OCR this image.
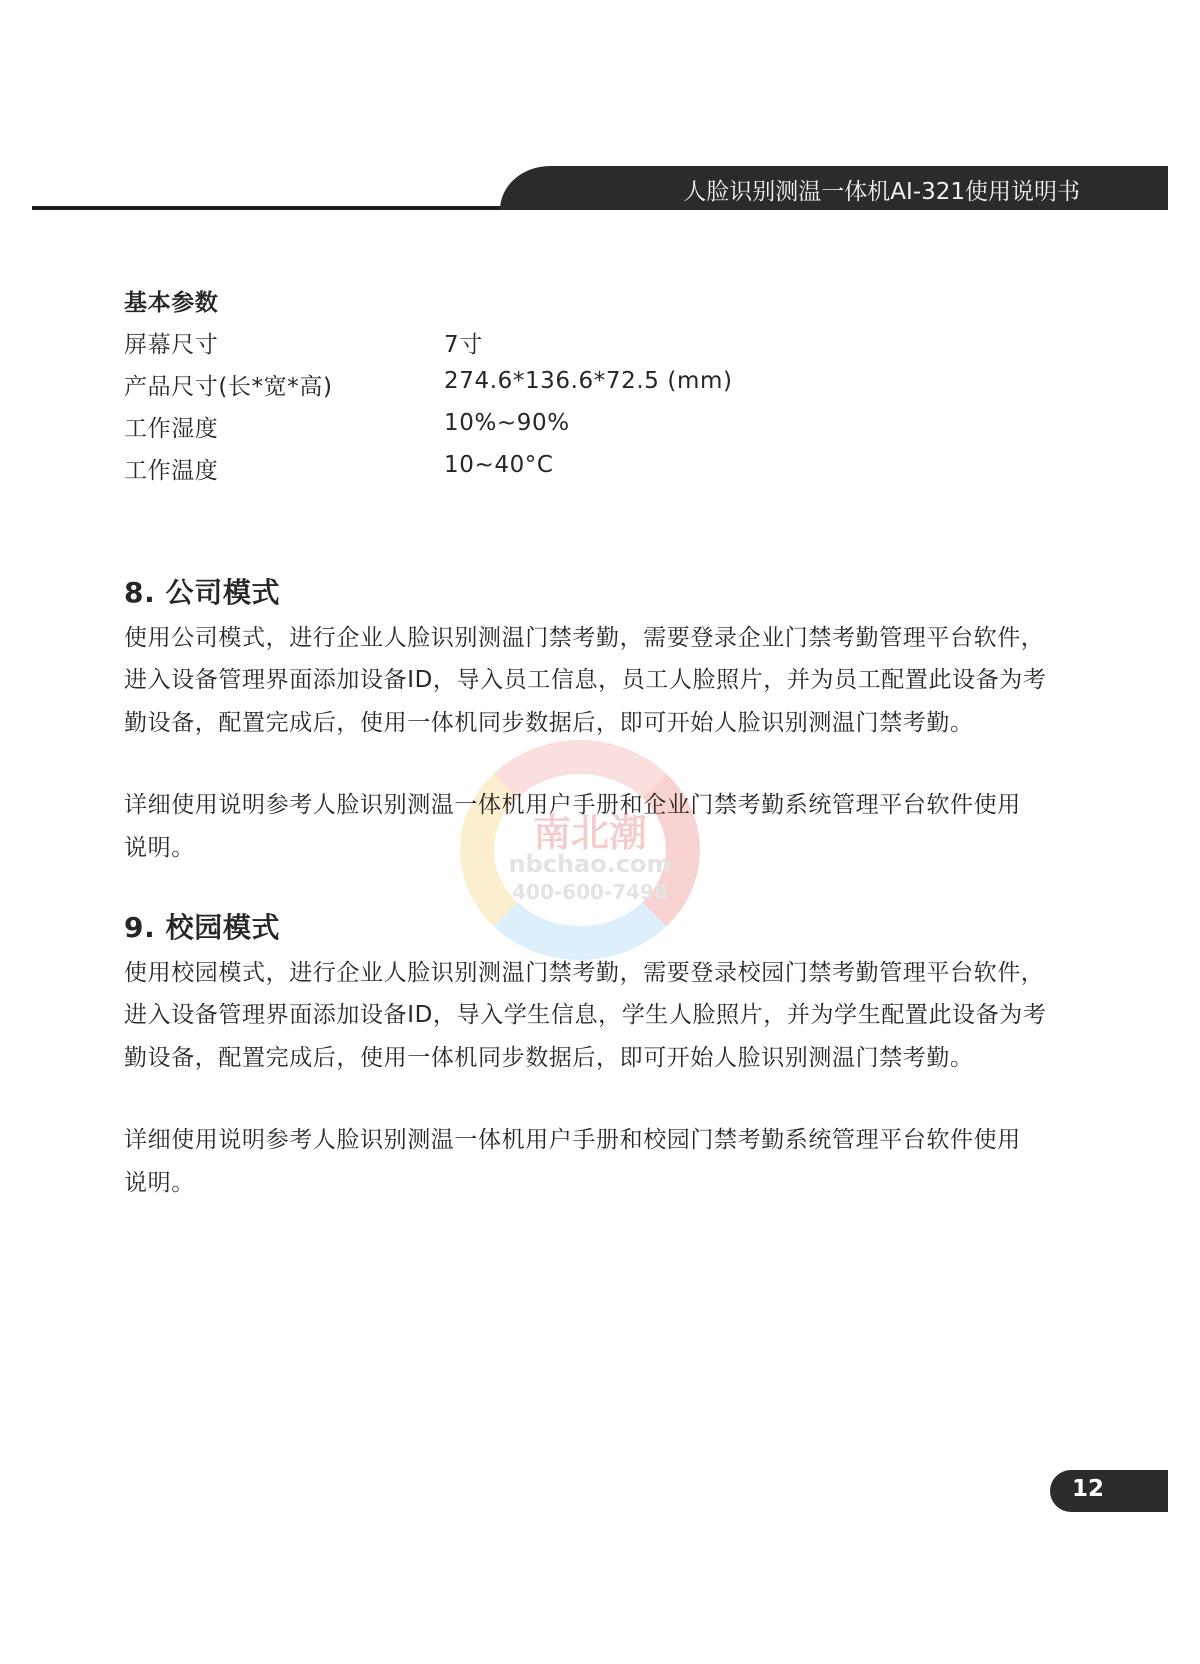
人脸识别测温一体机AI-321使用说明书
南北潮
nbchao.com
400-600-7498
基本参数
屏幕尺寸	7寸
产品尺寸(长*宽*高)	274.6*136.6*72.5 (mm)
工作湿度	10%~90%
工作温度	10~40°C
8. 公司模式
使用公司模式，进行企业人脸识别测温门禁考勤，需要登录企业门禁考勤管理平台软件，
进入设备管理界面添加设备ID，导入员工信息，员工人脸照片，并为员工配置此设备为考
勤设备，配置完成后，使用一体机同步数据后，即可开始人脸识别测温门禁考勤。
详细使用说明参考人脸识别测温一体机用户手册和企业门禁考勤系统管理平台软件使用
说明。
9. 校园模式
使用校园模式，进行企业人脸识别测温门禁考勤，需要登录校园门禁考勤管理平台软件，
进入设备管理界面添加设备ID，导入学生信息，学生人脸照片，并为学生配置此设备为考
勤设备，配置完成后，使用一体机同步数据后，即可开始人脸识别测温门禁考勤。
详细使用说明参考人脸识别测温一体机用户手册和校园门禁考勤系统管理平台软件使用
说明。
12
